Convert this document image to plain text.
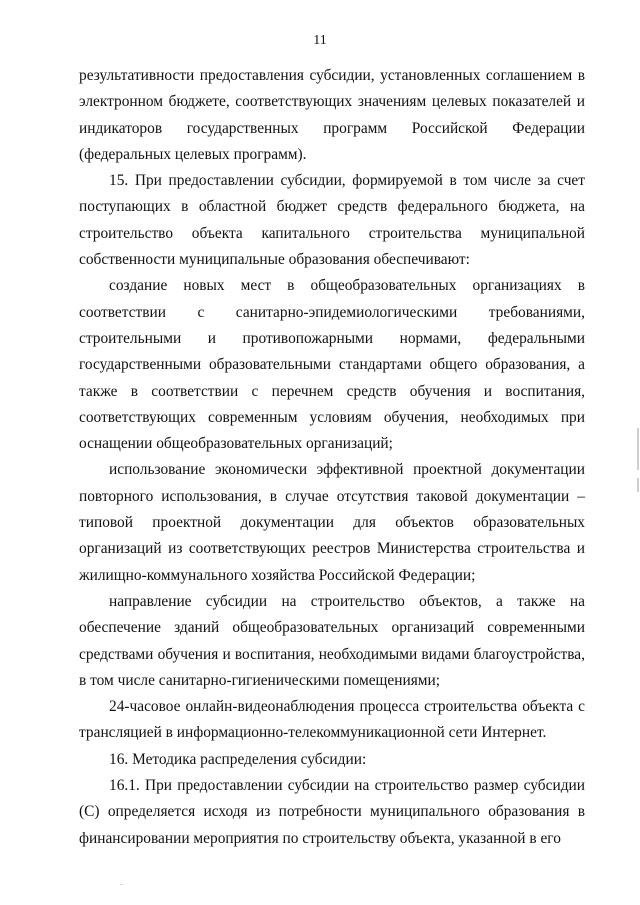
11

результативности предоставления субсидии, установленных соглашением в электронном бюджете, соответствующих значениям целевых показателей и индикаторов государственных программ Российской Федерации (федеральных целевых программ).

15. При предоставлении субсидии, формируемой в том числе за счет поступающих в областной бюджет средств федерального бюджета, на строительство объекта капитального строительства муниципальной собственности муниципальные образования обеспечивают:

создание новых мест в общеобразовательных организациях в соответствии с санитарно-эпидемиологическими требованиями, строительными и противопожарными нормами, федеральными государственными образовательными стандартами общего образования, а также в соответствии с перечнем средств обучения и воспитания, соответствующих современным условиям обучения, необходимых при оснащении общеобразовательных организаций;

использование экономически эффективной проектной документации повторного использования, в случае отсутствия таковой документации – типовой проектной документации для объектов образовательных организаций из соответствующих реестров Министерства строительства и жилищно-коммунального хозяйства Российской Федерации;

направление субсидии на строительство объектов, а также на обеспечение зданий общеобразовательных организаций современными средствами обучения и воспитания, необходимыми видами благоустройства, в том числе санитарно-гигиеническими помещениями;

24-часовое онлайн-видеонаблюдения процесса строительства объекта с трансляцией в информационно-телекоммуникационной сети Интернет.

16. Методика распределения субсидии:

16.1. При предоставлении субсидии на строительство размер субсидии (С) определяется исходя из потребности муниципального образования в финансировании мероприятия по строительству объекта, указанной в его
